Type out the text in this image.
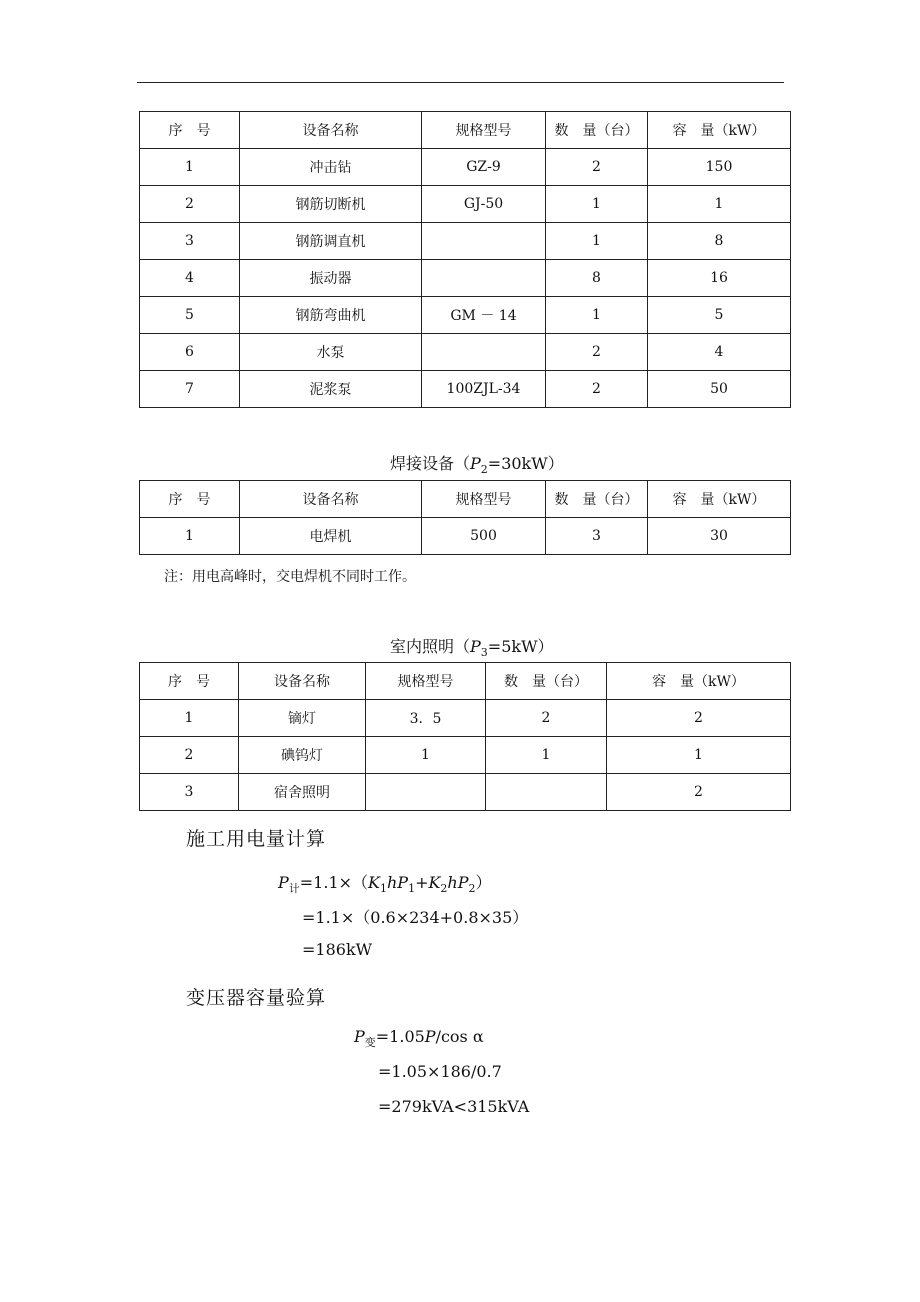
序　号	设备名称	规格型号	数　量（台）	容　量（kW）
1	冲击钻	GZ-9	2	150
2	钢筋切断机	GJ-50	1	1
3	钢筋调直机		1	8
4	振动器		8	16
5	钢筋弯曲机	GM － 14	1	5
6	水泵		2	4
7	泥浆泵	100ZJL-34	2	50
焊接设备$(P_2=30kW)$
序　号	设备名称	规格型号	数　量（台）	容　量（kW）
1	电焊机	500	3	30
注：用电高峰时，交电焊机不同时工作。
室内照明$(P_3=5kW)$
序　号	设备名称	规格型号	数　量（台）	容　量（kW）
1	镝灯	3．5	2	2
2	碘钨灯	1	1	1
3	宿舍照明			2
施工用电量计算
$P_计=1.1\times(K_1hP_1+K_2hP_2)$
=1.1×（0.6×234+0.8×35）
=186kW
变压器容量验算
$P_变=1.05P/\cos$ α
=1.05×186/0.7
=279kVA<315kVA
